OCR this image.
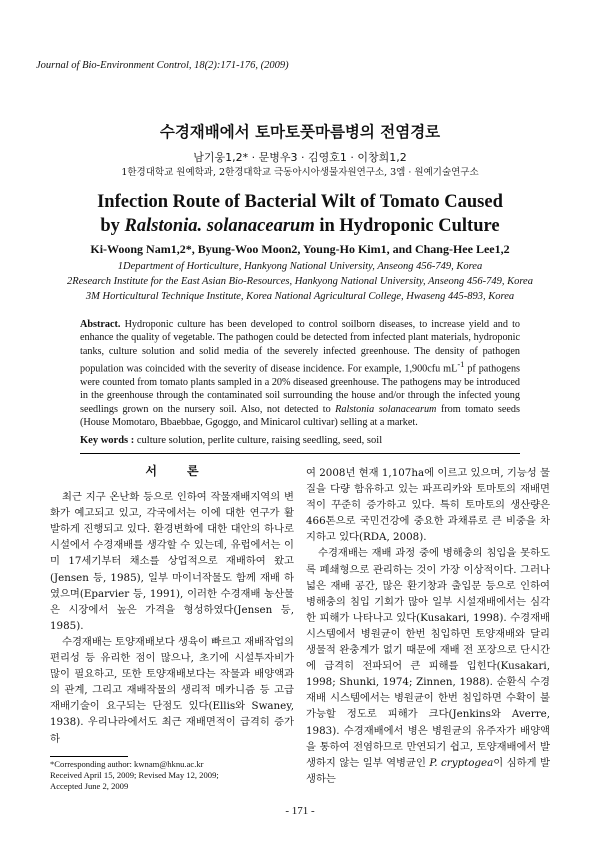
Journal of Bio-Environment Control, 18(2):171-176, (2009)
수경재배에서 토마토풋마름병의 전염경로
남기웅1,2* · 문병우3 · 김영호1 · 이창희1,2
1한경대학교 원예학과, 2한경대학교 극동아시아생물자원연구소, 3엠 · 원예기술연구소
Infection Route of Bacterial Wilt of Tomato Caused
by Ralstonia. solanacearum in Hydroponic Culture
Ki-Woong Nam1,2*, Byung-Woo Moon2, Young-Ho Kim1, and Chang-Hee Lee1,2
1Department of Horticulture, Hankyong National University, Anseong 456-749, Korea
2Research Institute for the East Asian Bio-Resources, Hankyong National University, Anseong 456-749, Korea
3M Horticultural Technique Institute, Korea National Agricultural College, Hwaseng 445-893, Korea
Abstract. Hydroponic culture has been developed to control soilborn diseases, to increase yield and to enhance the quality of vegetable. The pathogen could be detected from infected plant materials, hydroponic tanks, culture solution and solid media of the severely infected greenhouse. The density of pathogen population was coincided with the severity of disease incidence. For example, 1,900cfu $mL^{-1}$ pf pathogens were counted from tomato plants sampled in a 20% diseased greenhouse. The pathogens may be introduced in the greenhouse through the contaminated soil surrounding the house and/or through the infected young seedlings grown on the nursery soil. Also, not detected to Ralstonia solanacearum from tomato seeds (House Momotaro, Bbaebbae, Ggoggo, and Minicarol cultivar) selling at a market.
Key words : culture solution, perlite culture, raising seedling, seed, soil
서론

최근 지구 온난화 등으로 인하여 작물재배지역의 변화가 예고되고 있고, 각국에서는 이에 대한 연구가 활발하게 진행되고 있다. 환경변화에 대한 대안의 하나로 시설에서 수경재배를 생각할 수 있는데, 유럽에서는 이미 17세기부터 채소를 상업적으로 재배하여 왔고 (Jensen 등, 1985), 일부 마이너작물도 함께 재배 하였으며(Eparvier 등, 1991), 이러한 수경재배 농산물은 시장에서 높은 가격을 형성하였다(Jensen 등, 1985).

수경재배는 토양재배보다 생육이 빠르고 재배작업의 편리성 등 유리한 점이 많으나, 초기에 시설투자비가 많이 필요하고, 또한 토양재배보다는 작물과 배양액과의 관계, 그리고 재배작물의 생리적 메카니즘 등 고급 재배기술이 요구되는 단점도 있다(Ellis와 Swaney, 1938). 우리나라에서도 최근 재배면적이 급격히 증가하

여 2008년 현재 1,107ha에 이르고 있으며, 기능성 물질을 다량 함유하고 있는 파프리카와 토마토의 재배면적이 꾸준히 증가하고 있다. 특히 토마토의 생산량은 466톤으로 국민건강에 중요한 과채류로 큰 비중을 차지하고 있다(RDA, 2008).

수경재배는 재배 과정 중에 병해충의 침입을 못하도록 폐쇄형으로 관리하는 것이 가장 이상적이다. 그러나 넓은 재배 공간, 많은 환기창과 출입문 등으로 인하여 병해충의 침입 기회가 많아 일부 시설재배에서는 심각한 피해가 나타나고 있다(Kusakari, 1998). 수경재배시스템에서 병원균이 한번 침입하면 토양재배와 달리 생물적 완충계가 없기 때문에 재배 전 포장으로 단시간에 급격히 전파되어 큰 피해를 입힌다(Kusakari, 1998; Shunki, 1974; Zinnen, 1988). 순환식 수경재배 시스템에서는 병원균이 한번 침입하면 수확이 불가능할 정도로 피해가 크다(Jenkins와 Averre, 1983). 수경재배에서 병은 병원균의 유주자가 배양액을 통하여 전염하므로 만연되기 쉽고, 토양재배에서 발생하지 않는 일부 역병균인 P. cryptogea이 심하게 발생하는

*Corresponding author: kwnam@hknu.ac.kr
Received April 15, 2009; Revised May 12, 2009;
Accepted June 2, 2009
- 171 -
